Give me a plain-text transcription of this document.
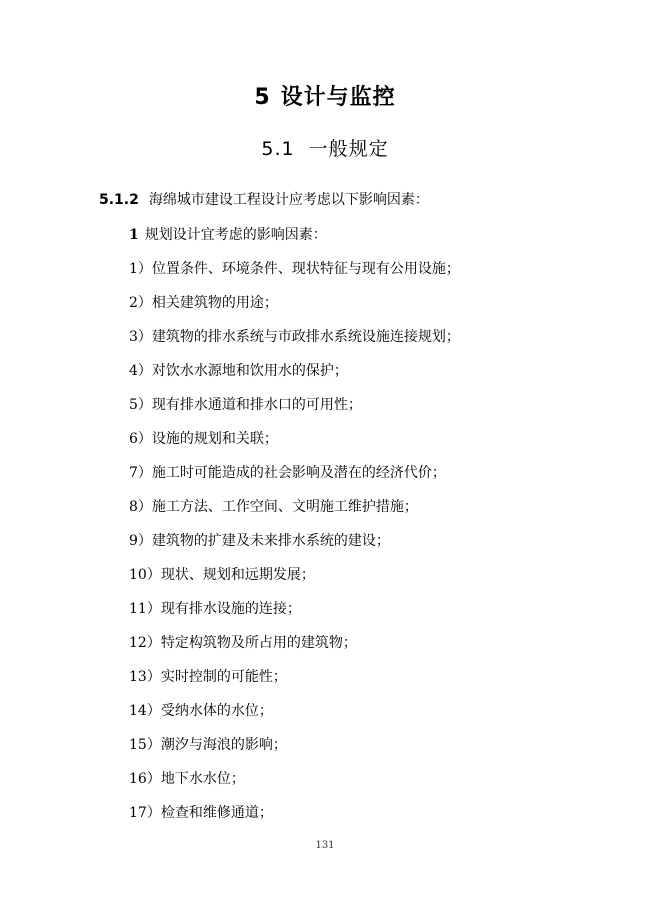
5 设计与监控
5.1 一般规定
5.1.2 海绵城市建设工程设计应考虑以下影响因素：
1 规划设计宜考虑的影响因素：
1）位置条件、环境条件、现状特征与现有公用设施；
2）相关建筑物的用途；
3）建筑物的排水系统与市政排水系统设施连接规划；
4）对饮水水源地和饮用水的保护；
5）现有排水通道和排水口的可用性；
6）设施的规划和关联；
7）施工时可能造成的社会影响及潜在的经济代价；
8）施工方法、工作空间、文明施工维护措施；
9）建筑物的扩建及未来排水系统的建设；
10）现状、规划和远期发展；
11）现有排水设施的连接；
12）特定构筑物及所占用的建筑物；
13）实时控制的可能性；
14）受纳水体的水位；
15）潮汐与海浪的影响；
16）地下水水位；
17）检查和维修通道；
131
